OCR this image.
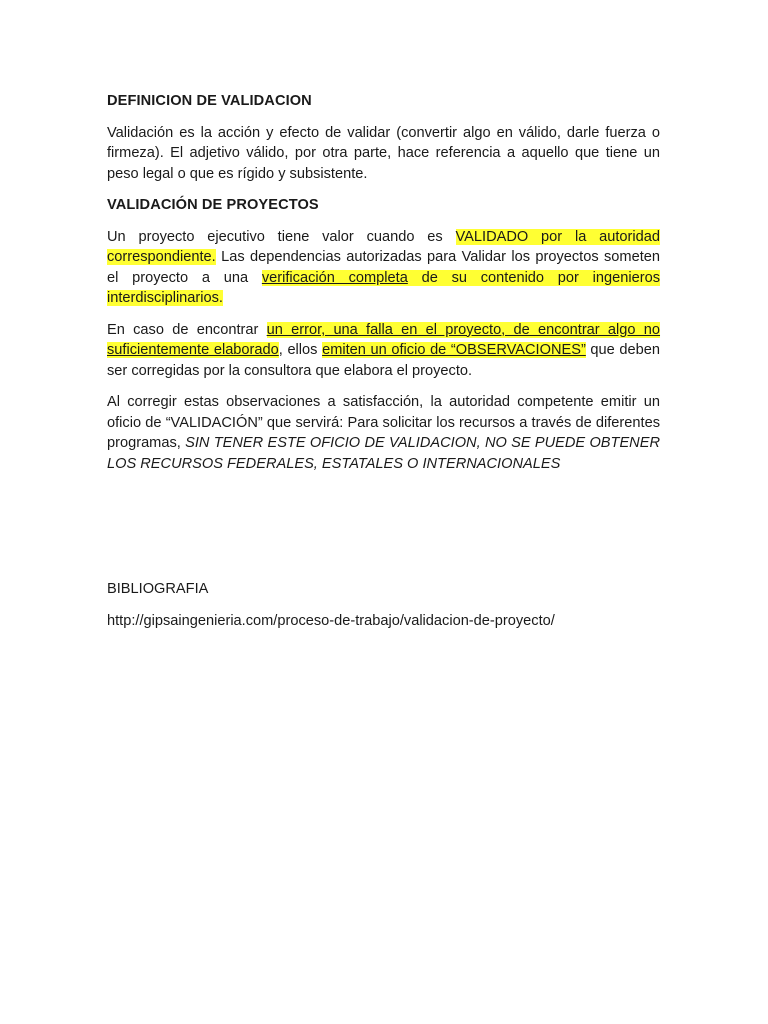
DEFINICION DE VALIDACION

Validación es la acción y efecto de validar (convertir algo en válido, darle fuerza o firmeza). El adjetivo válido, por otra parte, hace referencia a aquello que tiene un peso legal o que es rígido y subsistente.

VALIDACIÓN DE PROYECTOS

Un proyecto ejecutivo tiene valor cuando es VALIDADO por la autoridad correspondiente. Las dependencias autorizadas para Validar los proyectos someten el proyecto a una verificación completa de su contenido por ingenieros interdisciplinarios.

En caso de encontrar un error, una falla en el proyecto, de encontrar algo no suficientemente elaborado, ellos emiten un oficio de “OBSERVACIONES” que deben ser corregidas por la consultora que elabora el proyecto.

Al corregir estas observaciones a satisfacción, la autoridad competente emitir un oficio de “VALIDACIÓN” que servirá: Para solicitar los recursos a través de diferentes programas, SIN TENER ESTE OFICIO DE VALIDACION, NO SE PUEDE OBTENER LOS RECURSOS FEDERALES, ESTATALES O INTERNACIONALES

BIBLIOGRAFIA
http://gipsaingenieria.com/proceso-de-trabajo/validacion-de-proyecto/
